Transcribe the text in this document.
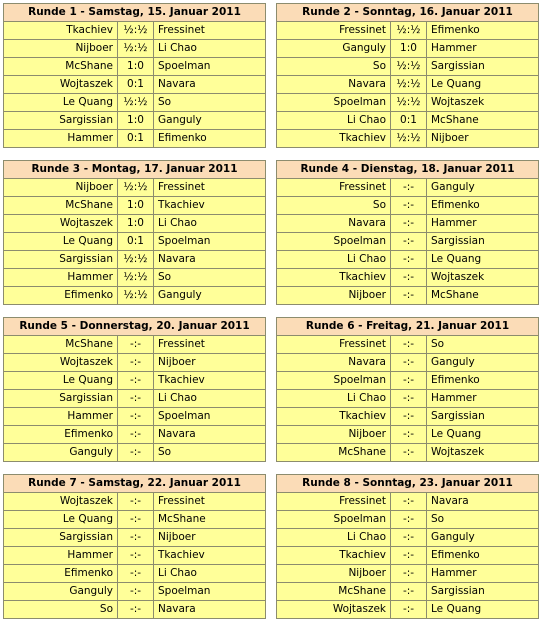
Runde 1 - Samstag, 15. Januar 2011		
Tkachiev	½:½	Fressinet
Nijboer	½:½	Li Chao
McShane	1:0	Spoelman
Wojtaszek	0:1	Navara
Le Quang	½:½	So
Sargissian	1:0	Ganguly
Hammer	0:1	Efimenko
Runde 2 - Sonntag, 16. Januar 2011		
Fressinet	½:½	Efimenko
Ganguly	1:0	Hammer
So	½:½	Sargissian
Navara	½:½	Le Quang
Spoelman	½:½	Wojtaszek
Li Chao	0:1	McShane
Tkachiev	½:½	Nijboer
Runde 3 - Montag, 17. Januar 2011		
Nijboer	½:½	Fressinet
McShane	1:0	Tkachiev
Wojtaszek	1:0	Li Chao
Le Quang	0:1	Spoelman
Sargissian	½:½	Navara
Hammer	½:½	So
Efimenko	½:½	Ganguly
Runde 4 - Dienstag, 18. Januar 2011		
Fressinet	-:-	Ganguly
So	-:-	Efimenko
Navara	-:-	Hammer
Spoelman	-:-	Sargissian
Li Chao	-:-	Le Quang
Tkachiev	-:-	Wojtaszek
Nijboer	-:-	McShane
Runde 5 - Donnerstag, 20. Januar 2011		
McShane	-:-	Fressinet
Wojtaszek	-:-	Nijboer
Le Quang	-:-	Tkachiev
Sargissian	-:-	Li Chao
Hammer	-:-	Spoelman
Efimenko	-:-	Navara
Ganguly	-:-	So
Runde 6 - Freitag, 21. Januar 2011		
Fressinet	-:-	So
Navara	-:-	Ganguly
Spoelman	-:-	Efimenko
Li Chao	-:-	Hammer
Tkachiev	-:-	Sargissian
Nijboer	-:-	Le Quang
McShane	-:-	Wojtaszek
Runde 7 - Samstag, 22. Januar 2011		
Wojtaszek	-:-	Fressinet
Le Quang	-:-	McShane
Sargissian	-:-	Nijboer
Hammer	-:-	Tkachiev
Efimenko	-:-	Li Chao
Ganguly	-:-	Spoelman
So	-:-	Navara
Runde 8 - Sonntag, 23. Januar 2011		
Fressinet	-:-	Navara
Spoelman	-:-	So
Li Chao	-:-	Ganguly
Tkachiev	-:-	Efimenko
Nijboer	-:-	Hammer
McShane	-:-	Sargissian
Wojtaszek	-:-	Le Quang
